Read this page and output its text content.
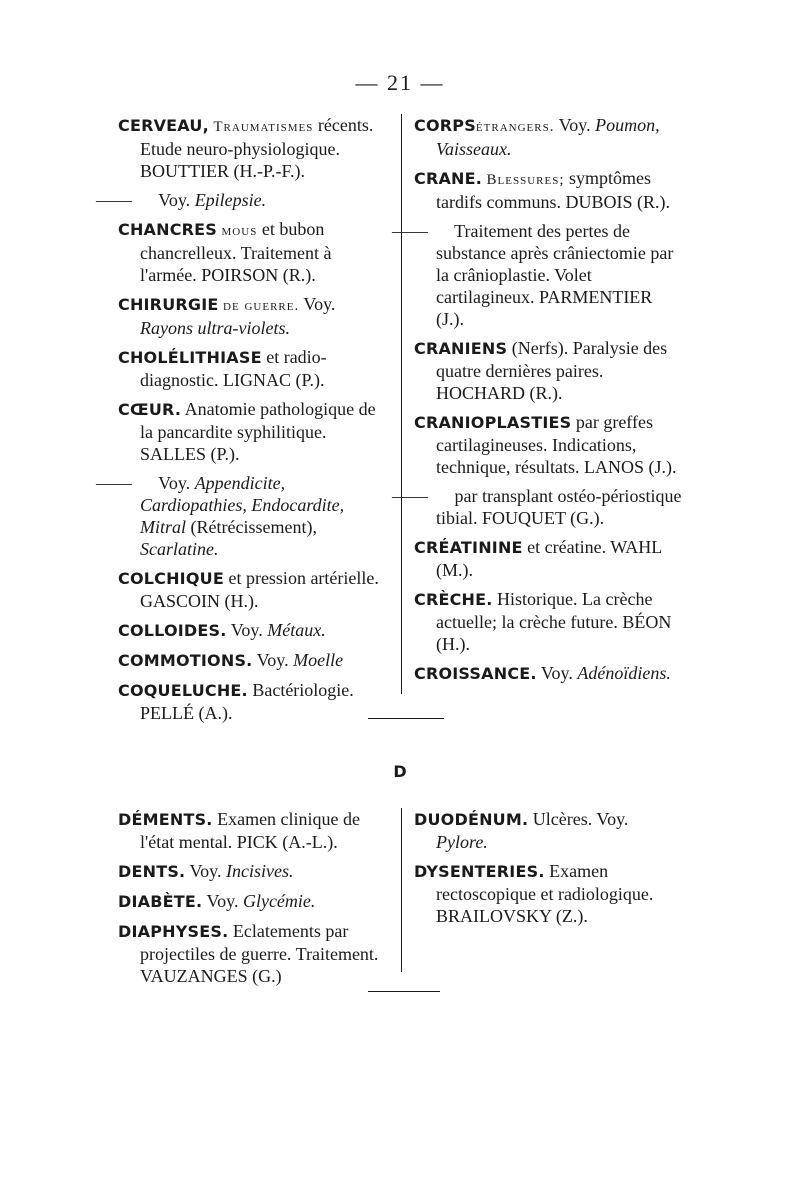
— 21 —
CERVEAU, Traumatismes récents. Etude neuro-physiologique. BOUTTIER (H.-P.-F.).
—— Voy. Epilepsie.
CHANCRES mous et bubon chancrelleux. Traitement à l'armée. POIRSON (R.).
CHIRURGIE de guerre. Voy. Rayons ultra-violets.
CHOLÉLITHIASE et radio-diagnostic. LIGNAC (P.).
CŒUR. Anatomie pathologique de la pancardite syphilitique. SALLES (P.).
—— Voy. Appendicite, Cardiopathies, Endocardite, Mitral (Rétrécissement), Scarlatine.
COLCHIQUE et pression artérielle. GASCOIN (H.).
COLLOIDES. Voy. Métaux.
COMMOTIONS. Voy. Moelle
COQUELUCHE. Bactériologie. PELLÉ (A.).
CORPSétrangers. Voy. Poumon, Vaisseaux.
CRANE. Blessures; symptômes tardifs communs. DUBOIS (R.).
—— Traitement des pertes de substance après crâniectomie par la crânioplastie. Volet cartilagineux. PARMENTIER (J.).
CRANIENS (Nerfs). Paralysie des quatre dernières paires. HOCHARD (R.).
CRANIOPLASTIES par greffes cartilagineuses. Indications, technique, résultats. LANOS (J.).
—— par transplant ostéo-périostique tibial. FOUQUET (G.).
CRÉATININE et créatine. WAHL (M.).
CRÈCHE. Historique. La crèche actuelle; la crèche future. BÉON (H.).
CROISSANCE. Voy. Adénoïdiens.
D
DÉMENTS. Examen clinique de l'état mental. PICK (A.-L.).
DENTS. Voy. Incisives.
DIABÈTE. Voy. Glycémie.
DIAPHYSES. Eclatements par projectiles de guerre. Traitement. VAUZANGES (G.)
DUODÉNUM. Ulcères. Voy. Pylore.
DYSENTERIES. Examen rectoscopique et radiologique. BRAILOVSKY (Z.).
